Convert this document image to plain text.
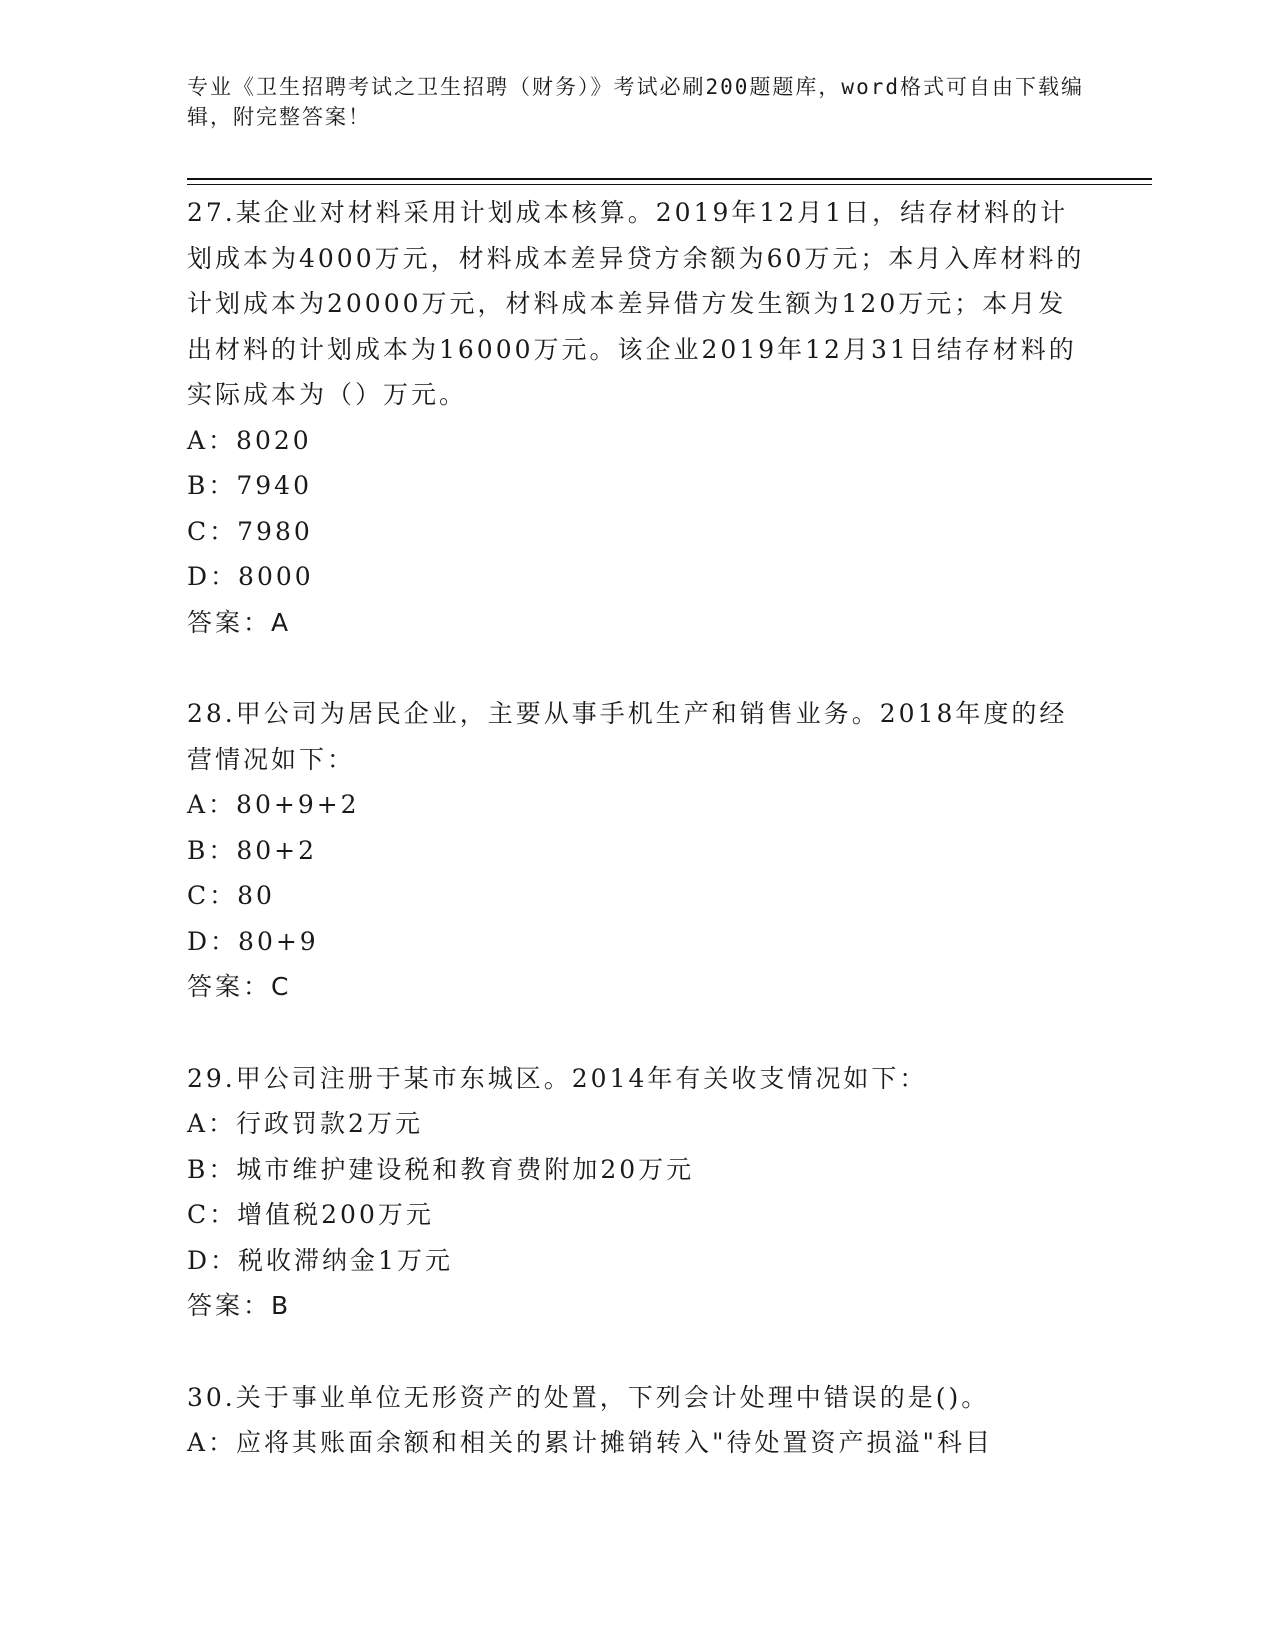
专业《卫生招聘考试之卫生招聘（财务）》考试必刷200题题库，word格式可自由下载编辑，附完整答案！
27.某企业对材料采用计划成本核算。2019年12月1日，结存材料的计划成本为4000万元，材料成本差异贷方余额为60万元；本月入库材料的计划成本为20000万元，材料成本差异借方发生额为120万元；本月发出材料的计划成本为16000万元。该企业2019年12月31日结存材料的实际成本为（）万元。
A：8020
B：7940
C：7980
D：8000
答案：A
28.甲公司为居民企业，主要从事手机生产和销售业务。2018年度的经营情况如下：
A：80+9+2
B：80+2
C：80
D：80+9
答案：C
29.甲公司注册于某市东城区。2014年有关收支情况如下：
A：行政罚款2万元
B：城市维护建设税和教育费附加20万元
C：增值税200万元
D：税收滞纳金1万元
答案：B
30.关于事业单位无形资产的处置，下列会计处理中错误的是()。
A：应将其账面余额和相关的累计摊销转入"待处置资产损溢"科目
